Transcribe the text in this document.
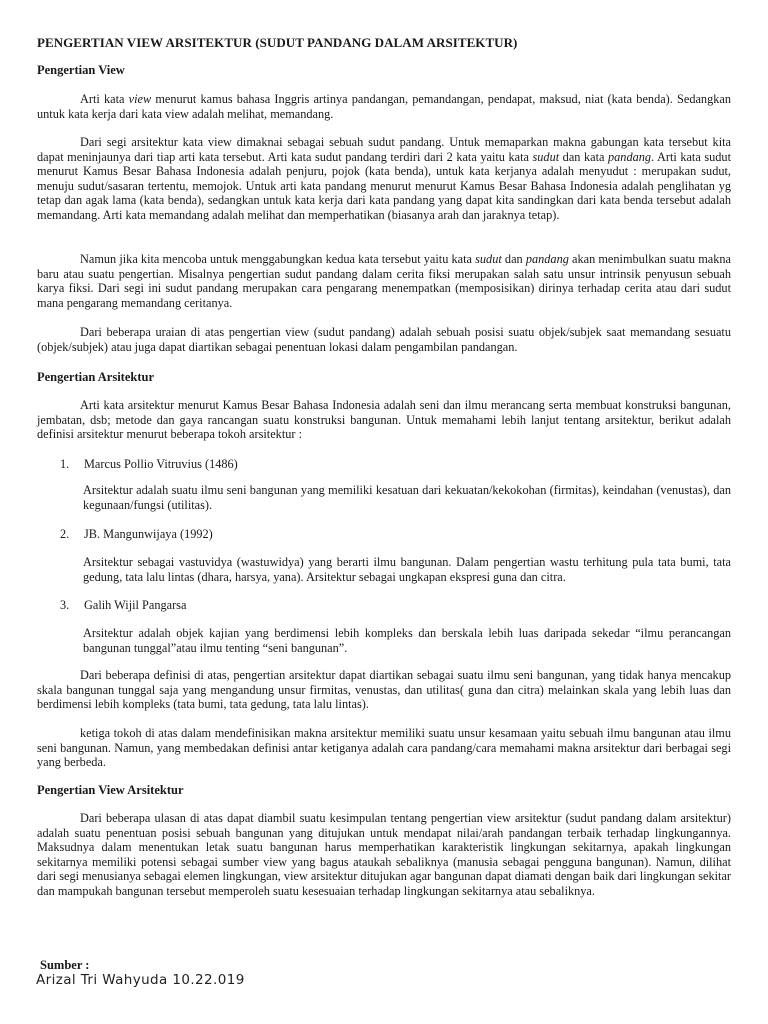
PENGERTIAN VIEW ARSITEKTUR (SUDUT PANDANG DALAM ARSITEKTUR)
Pengertian View

Arti kata view menurut kamus bahasa Inggris artinya pandangan, pemandangan, pendapat, maksud, niat (kata benda). Sedangkan untuk kata kerja dari kata view adalah melihat, memandang.

Dari segi arsitektur kata view dimaknai sebagai sebuah sudut pandang. Untuk memaparkan makna gabungan kata tersebut kita dapat meninjaunya dari tiap arti kata tersebut. Arti kata sudut pandang terdiri dari 2 kata yaitu kata sudut dan kata pandang. Arti kata sudut menurut Kamus Besar Bahasa Indonesia adalah penjuru, pojok (kata benda), untuk kata kerjanya adalah menyudut : merupakan sudut, menuju sudut/sasaran tertentu, memojok. Untuk arti kata pandang menurut menurut Kamus Besar Bahasa Indonesia adalah penglihatan yg tetap dan agak lama (kata benda), sedangkan untuk kata kerja dari kata pandang yang dapat kita sandingkan dari kata benda tersebut adalah memandang. Arti kata memandang adalah melihat dan memperhatikan (biasanya arah dan jaraknya tetap).

Namun jika kita mencoba untuk menggabungkan kedua kata tersebut yaitu kata sudut dan pandang akan menimbulkan suatu makna baru atau suatu pengertian. Misalnya pengertian sudut pandang dalam cerita fiksi merupakan salah satu unsur intrinsik penyusun sebuah karya fiksi. Dari segi ini sudut pandang merupakan cara pengarang menempatkan (memposisikan) dirinya terhadap cerita atau dari sudut mana pengarang memandang ceritanya.

Dari beberapa uraian di atas pengertian view (sudut pandang) adalah sebuah posisi suatu objek/subjek saat memandang sesuatu (objek/subjek) atau juga dapat diartikan sebagai penentuan lokasi dalam pengambilan pandangan.

Pengertian Arsitektur

Arti kata arsitektur menurut Kamus Besar Bahasa Indonesia adalah seni dan ilmu merancang serta membuat konstruksi bangunan, jembatan, dsb; metode dan gaya rancangan suatu konstruksi bangunan. Untuk memahami lebih lanjut tentang arsitektur, berikut adalah definisi arsitektur menurut beberapa tokoh arsitektur :

1. Marcus Pollio Vitruvius (1486)

Arsitektur adalah suatu ilmu seni bangunan yang memiliki kesatuan dari kekuatan/kekokohan (firmitas), keindahan (venustas), dan kegunaan/fungsi (utilitas).

2. JB. Mangunwijaya (1992)

Arsitektur sebagai vastuvidya (wastuwidya) yang berarti ilmu bangunan. Dalam pengertian wastu terhitung pula tata bumi, tata gedung, tata lalu lintas (dhara, harsya, yana). Arsitektur sebagai ungkapan ekspresi guna dan citra.

3. Galih Wijil Pangarsa

Arsitektur adalah objek kajian yang berdimensi lebih kompleks dan berskala lebih luas daripada sekedar “ilmu perancangan bangunan tunggal”atau ilmu tenting “seni bangunan”.

Dari beberapa definisi di atas, pengertian arsitektur dapat diartikan sebagai suatu ilmu seni bangunan, yang tidak hanya mencakup skala bangunan tunggal saja yang mengandung unsur firmitas, venustas, dan utilitas( guna dan citra) melainkan skala yang lebih luas dan berdimensi lebih kompleks (tata bumi, tata gedung, tata lalu lintas).

ketiga tokoh di atas dalam mendefinisikan makna arsitektur memiliki suatu unsur kesamaan yaitu sebuah ilmu bangunan atau ilmu seni bangunan. Namun, yang membedakan definisi antar ketiganya adalah cara pandang/cara memahami makna arsitektur dari berbagai segi yang berbeda.

Pengertian View Arsitektur

Dari beberapa ulasan di atas dapat diambil suatu kesimpulan tentang pengertian view arsitektur (sudut pandang dalam arsitektur) adalah suatu penentuan posisi sebuah bangunan yang ditujukan untuk mendapat nilai/arah pandangan terbaik terhadap lingkungannya. Maksudnya dalam menentukan letak suatu bangunan harus memperhatikan karakteristik lingkungan sekitarnya, apakah lingkungan sekitarnya memiliki potensi sebagai sumber view yang bagus ataukah sebaliknya (manusia sebagai pengguna bangunan). Namun, dilihat dari segi menusianya sebagai elemen lingkungan, view arsitektur ditujukan agar bangunan dapat diamati dengan baik dari lingkungan sekitar dan mampukah bangunan tersebut memperoleh suatu kesesuaian terhadap lingkungan sekitarnya atau sebaliknya.

Sumber :
Arizal Tri Wahyuda 10.22.019
